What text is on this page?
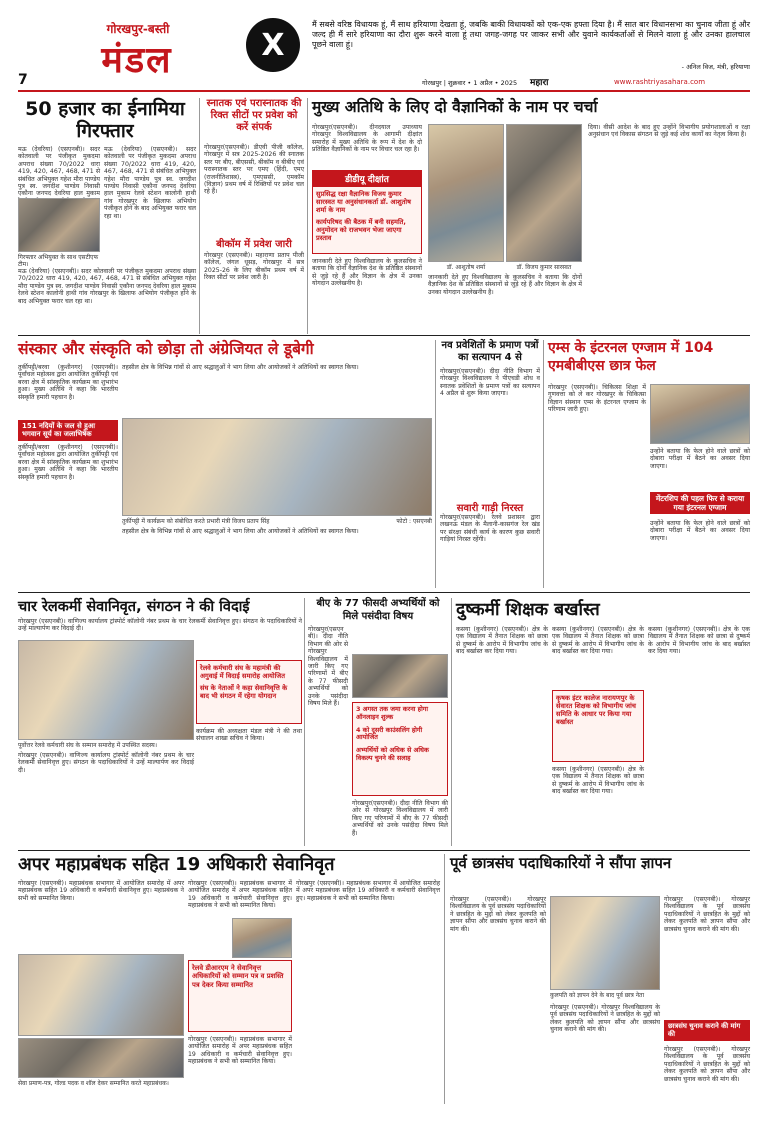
गोरखपुर-बस्ती
मंडल
7
X
मैं सबसे वरिष्ठ विधायक हूं, मैं साथ हरियाणा देखता हूं, जबकि बाकी विधायकों को एक-एक हफ्ता दिया है। मैं सात बार विधानसभा का चुनाव जीता हूं और जल्द ही मैं सारे हरियाणा का दौरा शुरू करने वाला हूं तथा जगह-जगह पर जाकर सभी और युवाने कार्यकर्ताओं से मिलने वाला हूं और उनका हालचाल पूछने वाला हूं।
- अनिल विज, मंत्री, हरियाणा
गोरखपुर | शुक्रवार • 1 अप्रैल • 2025 महारा	www.rashtriyasahara.com
50 हजार का ईनामिया गिरफ्तार
मऊ (देवरिया) (एसएनबी)। सदर कोतवाली पर पंजीकृत मुकदमा अपराध संख्या 70/2022 धारा 419, 420, 467, 468, 471 से संबंधित अभियुक्त गहेश मौरा पाण्डेय पुत्र स्व. जगदीश पाण्डेय निवासी एकौना जनपद देवरिया हाल मुकाम
मऊ (देवरिया) (एसएनबी)। सदर कोतवाली पर पंजीकृत मुकदमा अपराध संख्या 70/2022 धारा 419, 420, 467, 468, 471 से संबंधित अभियुक्त गहेश मौरा पाण्डेय पुत्र स्व. जगदीश पाण्डेय निवासी एकौना जनपद देवरिया हाल मुकाम रेलवे स्टेशन कालोनी हाथी गांव गोरखपुर के खिलाफ अभियोग पंजीकृत होने के बाद अभियुक्त फरार चल रहा था।
गिरफ्तार अभियुक्त के साथ एसटीएफ टीम।
मऊ (देवरिया) (एसएनबी)। सदर कोतवाली पर पंजीकृत मुकदमा अपराध संख्या 70/2022 धारा 419, 420, 467, 468, 471 से संबंधित अभियुक्त गहेश मौरा पाण्डेय पुत्र स्व. जगदीश पाण्डेय निवासी एकौना जनपद देवरिया हाल मुकाम रेलवे स्टेशन कालोनी हाथी गांव गोरखपुर के खिलाफ अभियोग पंजीकृत होने के बाद अभियुक्त फरार चल रहा था।
स्नातक एवं परास्नातक की रिक्त सीटों पर प्रवेश को करें संपर्क
गोरखपुर(एसएनबी)। डीएवी पीजी कॉलेज, गोरखपुर में सत्र 2025-2026 की स्नातक स्तर पर बीए, बीएससी, बीकॉम व बीबीए एवं परास्नातक स्तर पर एमए (हिंदी, एमए (राजनीतिशास्त्र), एमएससी, एमकॉम (विज्ञान) प्रथम वर्ष में रिक्तियों पर प्रवेश चल रहे हैं।
बीकॉम में प्रवेश जारी
गोरखपुर (एसएनबी)। महाराणा प्रताप पीजी कॉलेज, जंगल धूसड़, गोरखपुर में सत्र 2025-26 के लिए बीकॉम प्रथम वर्ष में रिक्त सीटों पर प्रवेश जारी है।
मुख्य अतिथि के लिए दो वैज्ञानिकों के नाम पर चर्चा
गोरखपुर(एसएनबी)। दीनदयाल उपाध्याय गोरखपुर विश्वविद्यालय के आगामी दीक्षांत समारोह में मुख्य अतिथि के रूप में देश के दो प्रतिष्ठित वैज्ञानिकों के नाम पर विचार चल रहा है।
डीडीयू दीक्षांत
सुप्रसिद्ध रक्षा वैज्ञानिक विजय कुमार सारस्वत या अनुसंधानकर्ता डॉ. आशुतोष शर्मा के नाम
कार्यपरिषद की बैठक में बनी सहमति, अनुमोदन को राजभवन भेजा जाएगा प्रस्ताव
जानकारी देते हुए विश्वविद्यालय के कुलसचिव ने बताया कि दोनों वैज्ञानिक देश के प्रतिष्ठित संस्थानों से जुड़े रहे हैं और विज्ञान के क्षेत्र में उनका योगदान उल्लेखनीय है।
डॉ. आशुतोष शर्मा	डॉ. विजय कुमार सारस्वत
जानकारी देते हुए विश्वविद्यालय के कुलसचिव ने बताया कि दोनों वैज्ञानिक देश के प्रतिष्ठित संस्थानों से जुड़े रहे हैं और विज्ञान के क्षेत्र में उनका योगदान उल्लेखनीय है।
दिया। वीसी आदेश के बाद हुए उन्होंने विभागीय प्रयोगशालाओं व रक्षा अनुसंधान एवं विकास संगठन से जुड़े कई शोध कार्यों का नेतृत्व किया है।
संस्कार और संस्कृति को छोड़ा तो अंग्रेजियत ले डूबेगी
तुर्कीपट्टी/बरवा (कुशीनगर) (एसएनबी)। पूर्वांचल महोत्सव द्वारा आयोजित तुर्कीपट्टी एवं बरवा क्षेत्र में सांस्कृतिक कार्यक्रम का शुभारंभ हुआ। मुख्य अतिथि ने कहा कि भारतीय संस्कृति हमारी पहचान है।
151 नदियों के जल से हुआ भगवान सूर्य का जलाभिषेक
तुर्कीपट्टी/बरवा (कुशीनगर) (एसएनबी)। पूर्वांचल महोत्सव द्वारा आयोजित तुर्कीपट्टी एवं बरवा क्षेत्र में सांस्कृतिक कार्यक्रम का शुभारंभ हुआ। मुख्य अतिथि ने कहा कि भारतीय संस्कृति हमारी पहचान है।
तहसील क्षेत्र के विभिन्न गांवों से आए श्रद्धालुओं ने भाग लिया और आयोजकों ने अतिथियों का स्वागत किया।
तुर्कीपट्टी में कार्यक्रम को संबोधित करते प्रभारी मंत्री विजय प्रताप सिंह	फोटो : एसएनबी
तहसील क्षेत्र के विभिन्न गांवों से आए श्रद्धालुओं ने भाग लिया और आयोजकों ने अतिथियों का स्वागत किया।
नव प्रवेशितों के प्रमाण पत्रों का सत्यापन 4 से
गोरखपुर(एसएनबी)। दीदा नीति विभाग में गोरखपुर विश्वविद्यालय ने पीएचडी शोध व स्नातक प्रवेशितों के प्रमाण पत्रों का सत्यापन 4 अप्रैल से शुरू किया जाएगा।
सवारी गाड़ी निरस्त
गोरखपुर(एसएनबी)। रेलवे प्रशासन द्वारा लखनऊ मंडल के मैलानी-कासगंज रेल खंड पर संरक्षा संबंधी कार्य के कारण कुछ सवारी गाड़ियां निरस्त रहेंगी।
एम्स के इंटरनल एग्जाम में 104 एमबीबीएस छात्र फेल
गोरखपुर (एसएनबी)। चिकित्सा शिक्षा में गुणवत्ता को ले कर गोरखपुर के चिकित्सा विज्ञान संस्थान एम्स के इंटरनल एग्जाम के परिणाम जारी हुए।
उन्होंने बताया कि फेल होने वाले छात्रों को दोबारा परीक्षा में बैठने का अवसर दिया जाएगा।
मेंटरशिप की पहल फिर से कराया गया इंटरनल एग्जाम
उन्होंने बताया कि फेल होने वाले छात्रों को दोबारा परीक्षा में बैठने का अवसर दिया जाएगा।
चार रेलकर्मी सेवानिवृत, संगठन ने की विदाई
गोरखपुर (एसएनबी)। वाणिज्य कार्यालय ट्रांस्पोर्ट कॉलोनी नंबर प्रथम के चार रेलकर्मी सेवानिवृत्त हुए। संगठन के पदाधिकारियों ने उन्हें माल्यार्पण कर विदाई दी।
पूर्वोत्तर रेलवे कर्मचारी संघ के सम्मान समारोह में उपस्थित सदस्य।
गोरखपुर (एसएनबी)। वाणिज्य कार्यालय ट्रांस्पोर्ट कॉलोनी नंबर प्रथम के चार रेलकर्मी सेवानिवृत्त हुए। संगठन के पदाधिकारियों ने उन्हें माल्यार्पण कर विदाई दी।
रेलवे कर्मचारी संघ के महामंत्री की अगुवाई में विदाई समारोह आयोजित
संघ के नेताओं ने कहा सेवानिवृत्ति के बाद भी संगठन में रहेगा योगदान
कार्यक्रम की अध्यक्षता मंडल मंत्री ने की तथा संचालन शाखा सचिव ने किया।
बीए के 77 फीसदी अभ्यर्थियों को मिले पसंदीदा विषय
गोरखपुर(एसएनबी)। दीदा नीति विभाग की ओर से गोरखपुर विश्वविद्यालय में जारी किए गए परिणामों में बीए के 77 फीसदी अभ्यर्थियों को उनके पसंदीदा विषय मिले हैं।
3 अगस्त तक जमा करना होगा ऑनलाइन शुल्क
4 को दूसरी काउंसलिंग होगी आयोजित
अभ्यर्थियों को अधिक से अधिक विकल्प चुनने की सलाह
गोरखपुर(एसएनबी)। दीदा नीति विभाग की ओर से गोरखपुर विश्वविद्यालय में जारी किए गए परिणामों में बीए के 77 फीसदी अभ्यर्थियों को उनके पसंदीदा विषय मिले हैं।
दुष्कर्मी शिक्षक बर्खास्त
कसया (कुशीनगर) (एसएनबी)। क्षेत्र के एक विद्यालय में तैनात शिक्षक को छात्रा से दुष्कर्म के आरोप में विभागीय जांच के बाद बर्खास्त कर दिया गया।
कृषक इंटर कालेज नारायणपुर के सेवारत शिक्षक को विभागीय जांच समिति के आधार पर किया गया बर्खास्त
कसया (कुशीनगर) (एसएनबी)। क्षेत्र के एक विद्यालय में तैनात शिक्षक को छात्रा से दुष्कर्म के आरोप में विभागीय जांच के बाद बर्खास्त कर दिया गया।
कसया (कुशीनगर) (एसएनबी)। क्षेत्र के एक विद्यालय में तैनात शिक्षक को छात्रा से दुष्कर्म के आरोप में विभागीय जांच के बाद बर्खास्त कर दिया गया।
कसया (कुशीनगर) (एसएनबी)। क्षेत्र के एक विद्यालय में तैनात शिक्षक को छात्रा से दुष्कर्म के आरोप में विभागीय जांच के बाद बर्खास्त कर दिया गया।
अपर महाप्रबंधक सहित 19 अधिकारी सेवानिवृत
गोरखपुर (एसएनबी)। महाप्रबंधक सभागार में आयोजित समारोह में अपर महाप्रबंधक सहित 19 अधिकारी व कर्मचारी सेवानिवृत्त हुए। महाप्रबंधक ने सभी को सम्मानित किया।
सेवा प्रमाण-पत्र, गोल्ड पदक व शॉल देकर सम्मानित करते महाप्रबंधक।
गोरखपुर (एसएनबी)। महाप्रबंधक सभागार में आयोजित समारोह में अपर महाप्रबंधक सहित 19 अधिकारी व कर्मचारी सेवानिवृत्त हुए। महाप्रबंधक ने सभी को सम्मानित किया।
रेलवे डीआरएम ने सेवानिवृत्त अधिकारियों को सम्मान पत्र व प्रशस्ति पत्र देकर किया सम्मानित
गोरखपुर (एसएनबी)। महाप्रबंधक सभागार में आयोजित समारोह में अपर महाप्रबंधक सहित 19 अधिकारी व कर्मचारी सेवानिवृत्त हुए। महाप्रबंधक ने सभी को सम्मानित किया।
गोरखपुर (एसएनबी)। महाप्रबंधक सभागार में आयोजित समारोह में अपर महाप्रबंधक सहित 19 अधिकारी व कर्मचारी सेवानिवृत्त हुए। महाप्रबंधक ने सभी को सम्मानित किया।
पूर्व छात्रसंघ पदाधिकारियों ने सौंपा ज्ञापन
गोरखपुर (एसएनबी)। गोरखपुर विश्वविद्यालय के पूर्व छात्रसंघ पदाधिकारियों ने छात्रहित के मुद्दों को लेकर कुलपति को ज्ञापन सौंपा और छात्रसंघ चुनाव कराने की मांग की।
कुलपति को ज्ञापन देने के बाद पूर्व छात्र नेता
गोरखपुर (एसएनबी)। गोरखपुर विश्वविद्यालय के पूर्व छात्रसंघ पदाधिकारियों ने छात्रहित के मुद्दों को लेकर कुलपति को ज्ञापन सौंपा और छात्रसंघ चुनाव कराने की मांग की।
गोरखपुर (एसएनबी)। गोरखपुर विश्वविद्यालय के पूर्व छात्रसंघ पदाधिकारियों ने छात्रहित के मुद्दों को लेकर कुलपति को ज्ञापन सौंपा और छात्रसंघ चुनाव कराने की मांग की।
छात्रसंघ चुनाव कराने की मांग की
गोरखपुर (एसएनबी)। गोरखपुर विश्वविद्यालय के पूर्व छात्रसंघ पदाधिकारियों ने छात्रहित के मुद्दों को लेकर कुलपति को ज्ञापन सौंपा और छात्रसंघ चुनाव कराने की मांग की।
